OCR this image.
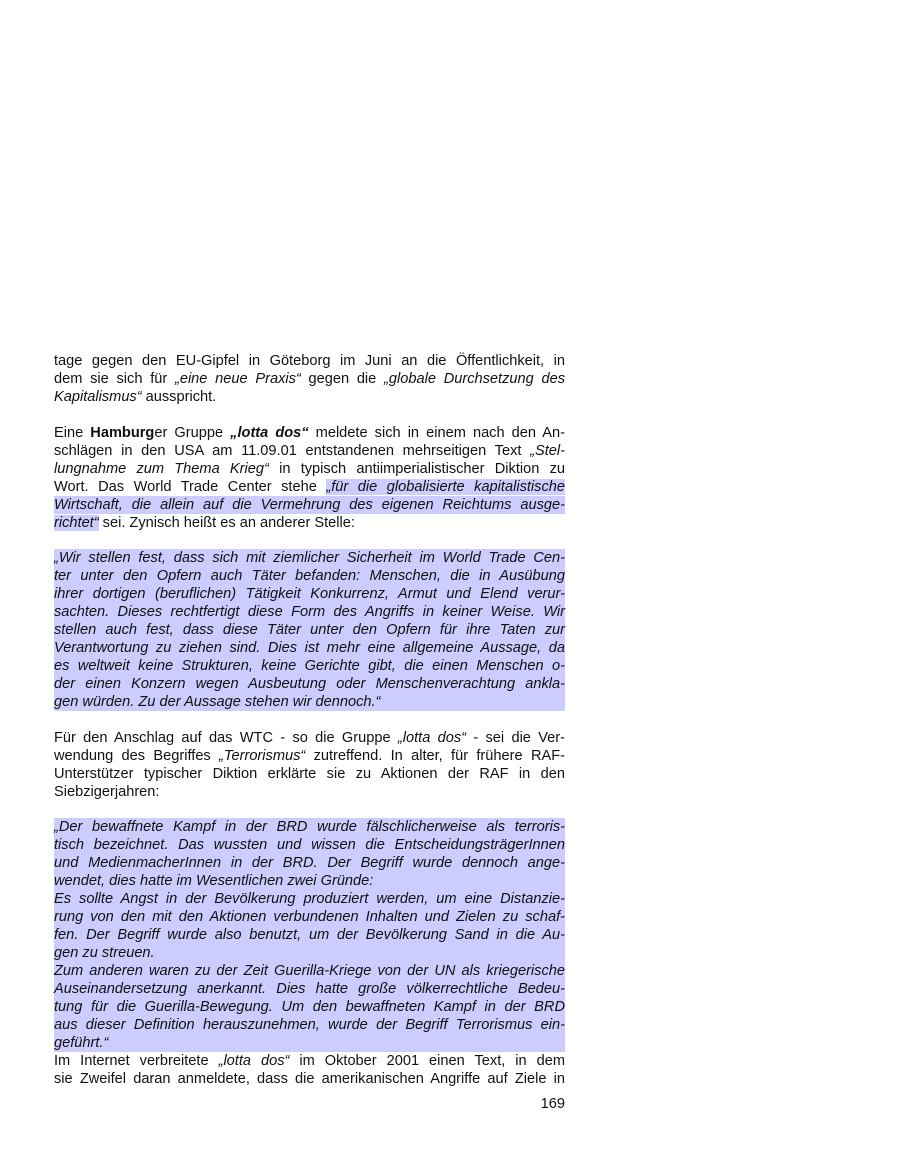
tage gegen den EU-Gipfel in Göteborg im Juni an die Öffentlichkeit, in
dem sie sich für „eine neue Praxis“ gegen die „globale Durchsetzung des
Kapitalismus“ ausspricht.
Eine Hamburger Gruppe „lotta dos“ meldete sich in einem nach den An-
schlägen in den USA am 11.09.01 entstandenen mehrseitigen Text „Stel-
lungnahme zum Thema Krieg“ in typisch antiimperialistischer Diktion zu
Wort. Das World Trade Center stehe „für die globalisierte kapitalistische
Wirtschaft, die allein auf die Vermehrung des eigenen Reichtums ausge-
richtet“ sei. Zynisch heißt es an anderer Stelle:
„Wir stellen fest, dass sich mit ziemlicher Sicherheit im World Trade Cen-
ter unter den Opfern auch Täter befanden: Menschen, die in Ausübung
ihrer dortigen (beruflichen) Tätigkeit Konkurrenz, Armut und Elend verur-
sachten. Dieses rechtfertigt diese Form des Angriffs in keiner Weise. Wir
stellen auch fest, dass diese Täter unter den Opfern für ihre Taten zur
Verantwortung zu ziehen sind. Dies ist mehr eine allgemeine Aussage, da
es weltweit keine Strukturen, keine Gerichte gibt, die einen Menschen o-
der einen Konzern wegen Ausbeutung oder Menschenverachtung ankla-
gen würden. Zu der Aussage stehen wir dennoch.“
Für den Anschlag auf das WTC - so die Gruppe „lotta dos“ - sei die Ver-
wendung des Begriffes „Terrorismus“ zutreffend. In alter, für frühere RAF-
Unterstützer typischer Diktion erklärte sie zu Aktionen der RAF in den
Siebzigerjahren:
„Der bewaffnete Kampf in der BRD wurde fälschlicherweise als terroris-
tisch bezeichnet. Das wussten und wissen die EntscheidungsträgerInnen
und MedienmacherInnen in der BRD. Der Begriff wurde dennoch ange-
wendet, dies hatte im Wesentlichen zwei Gründe:
Es sollte Angst in der Bevölkerung produziert werden, um eine Distanzie-
rung von den mit den Aktionen verbundenen Inhalten und Zielen zu schaf-
fen. Der Begriff wurde also benutzt, um der Bevölkerung Sand in die Au-
gen zu streuen.
Zum anderen waren zu der Zeit Guerilla-Kriege von der UN als kriegerische
Auseinandersetzung anerkannt. Dies hatte große völkerrechtliche Bedeu-
tung für die Guerilla-Bewegung. Um den bewaffneten Kampf in der BRD
aus dieser Definition herauszunehmen, wurde der Begriff Terrorismus ein-
geführt.“
Im Internet verbreitete „lotta dos“ im Oktober 2001 einen Text, in dem
sie Zweifel daran anmeldete, dass die amerikanischen Angriffe auf Ziele in
169
